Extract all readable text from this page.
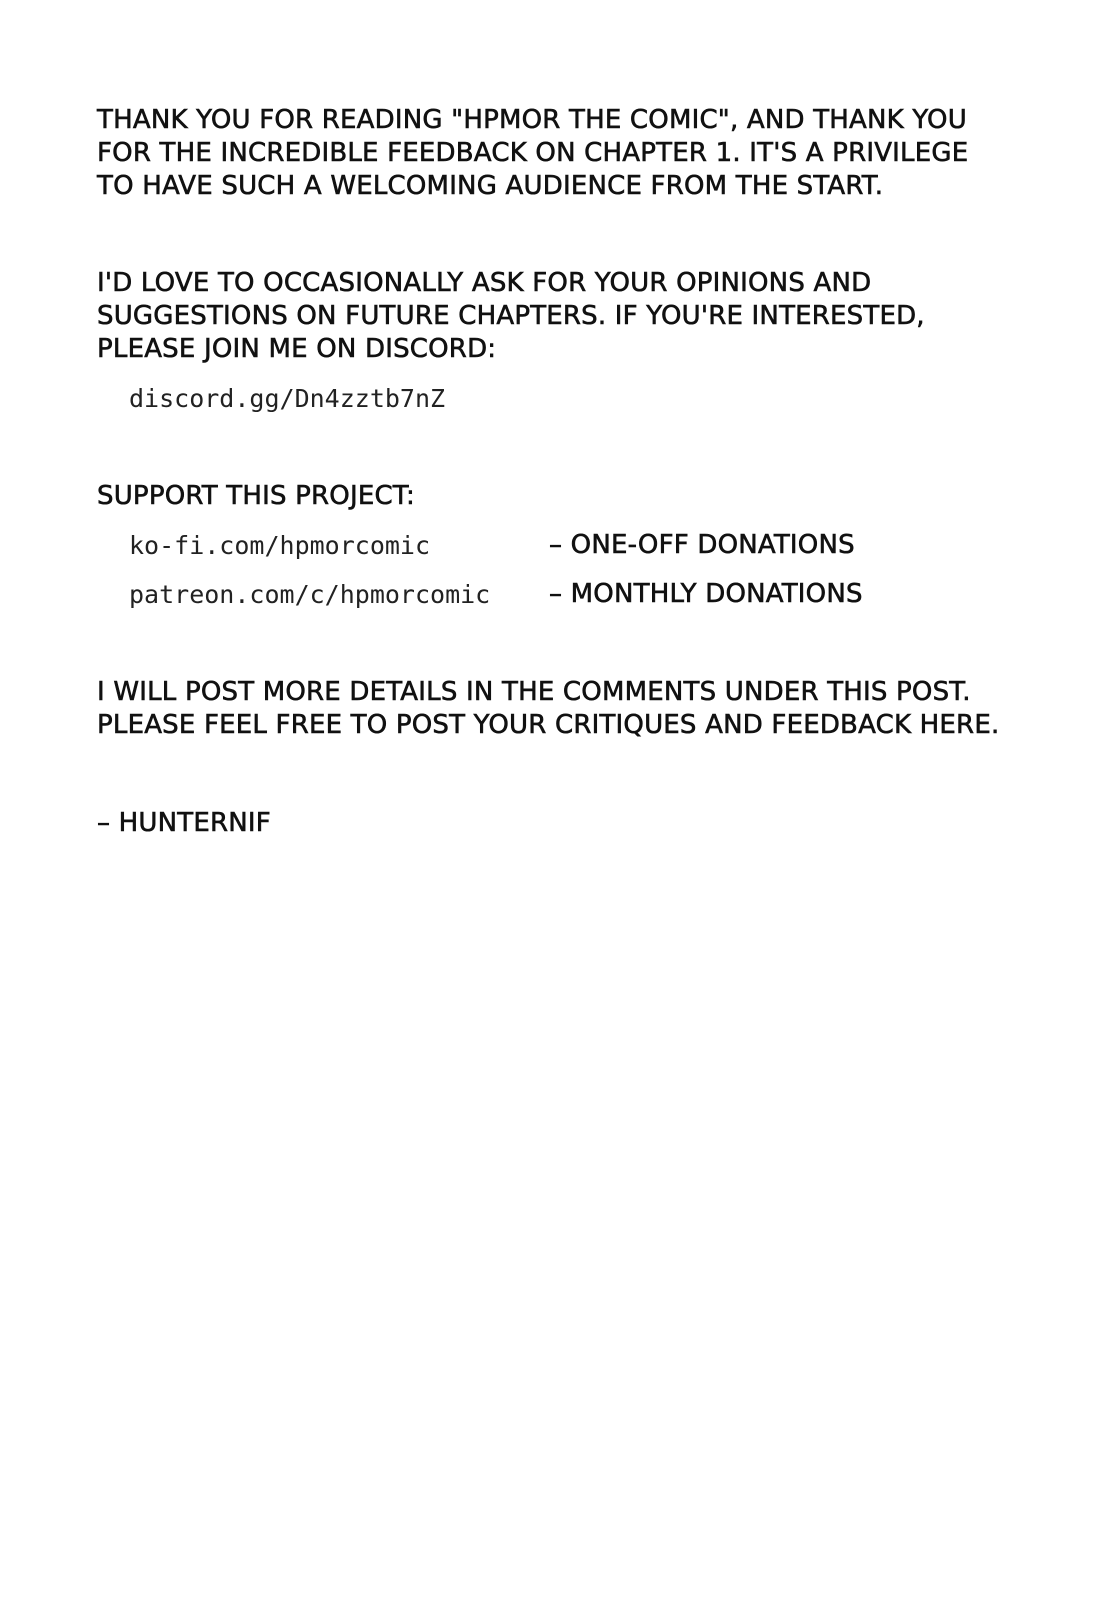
THANK YOU FOR READING "HPMOR THE COMIC", AND THANK YOU
FOR THE INCREDIBLE FEEDBACK ON CHAPTER 1. IT'S A PRIVILEGE
TO HAVE SUCH A WELCOMING AUDIENCE FROM THE START.
I'D LOVE TO OCCASIONALLY ASK FOR YOUR OPINIONS AND
SUGGESTIONS ON FUTURE CHAPTERS. IF YOU'RE INTERESTED,
PLEASE JOIN ME ON DISCORD:
discord.gg/Dn4zztb7nZ
SUPPORT THIS PROJECT:
ko-fi.com/hpmorcomic	– ONE-OFF DONATIONS
patreon.com/c/hpmorcomic – MONTHLY DONATIONS
I WILL POST MORE DETAILS IN THE COMMENTS UNDER THIS POST.
PLEASE FEEL FREE TO POST YOUR CRITIQUES AND FEEDBACK HERE.
– HUNTERNIF
